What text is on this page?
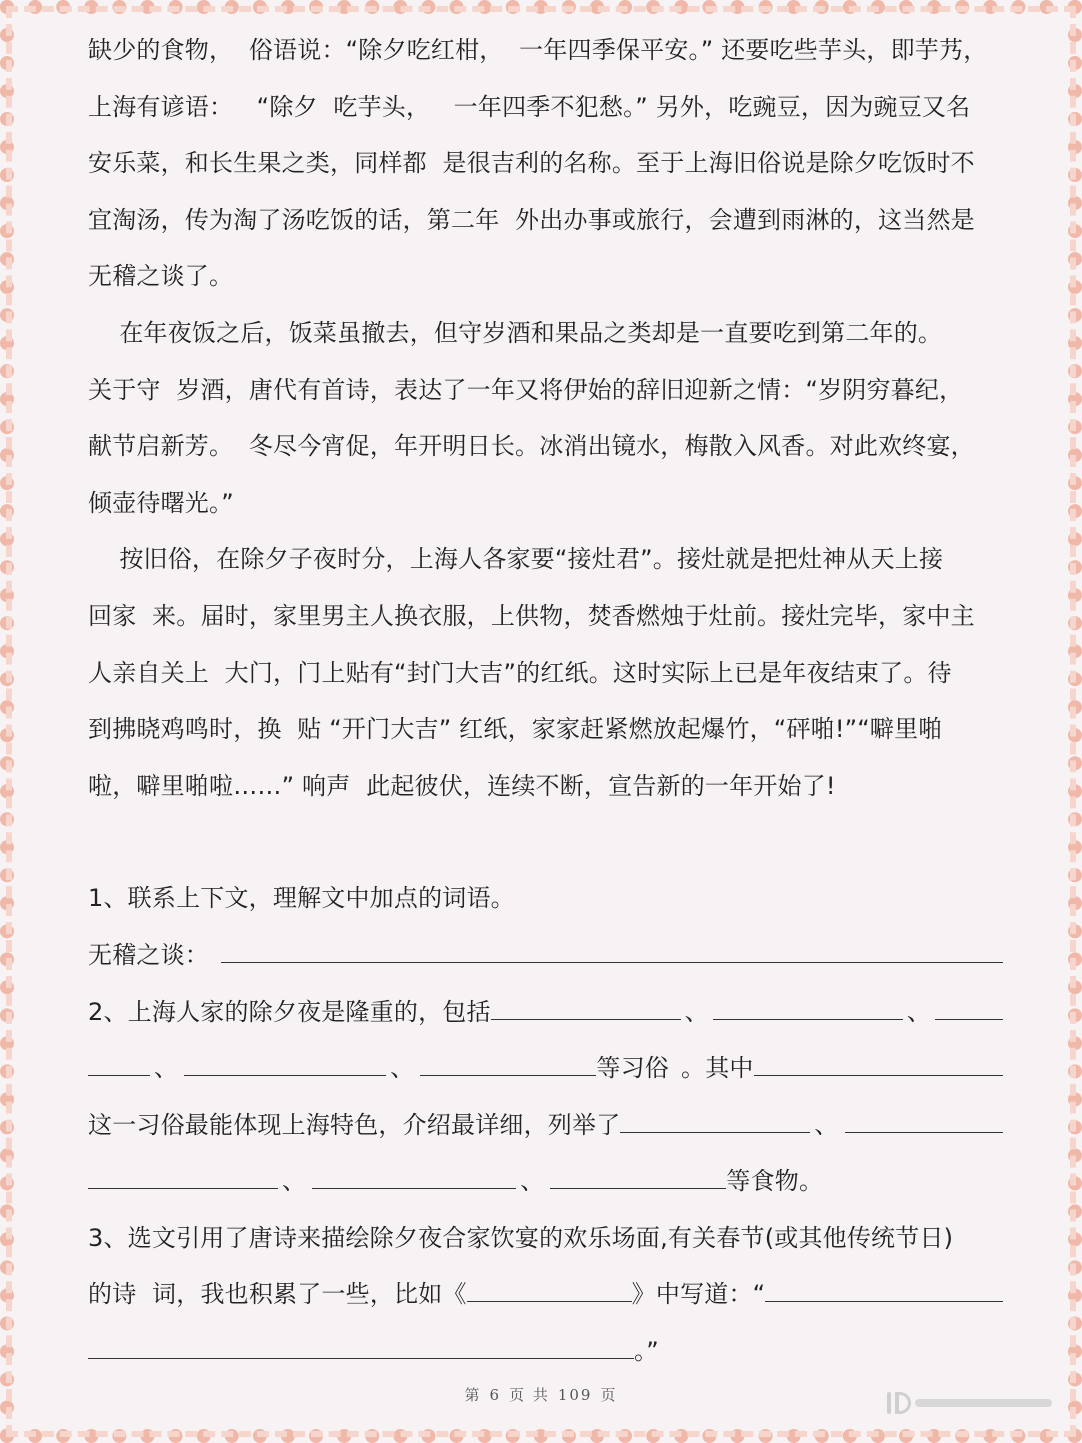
缺少的食物，  俗语说：“除夕吃红柑，  一年四季保平安。” 还要吃些芋头，即芋艿，
上海有谚语：   “除夕  吃芋头，   一年四季不犯愁。” 另外，吃豌豆，因为豌豆又名
安乐菜，和长生果之类，同样都  是很吉利的名称。至于上海旧俗说是除夕吃饭时不
宜淘汤，传为淘了汤吃饭的话，第二年  外出办事或旅行，会遭到雨淋的，这当然是
无稽之谈了。
在年夜饭之后，饭菜虽撤去，但守岁酒和果品之类却是一直要吃到第二年的。
关于守  岁酒，唐代有首诗，表达了一年又将伊始的辞旧迎新之情：“岁阴穷暮纪，
献节启新芳。  冬尽今宵促，年开明日长。冰消出镜水，梅散入风香。对此欢终宴，
倾壶待曙光。”
按旧俗，在除夕子夜时分，上海人各家要“接灶君”。接灶就是把灶神从天上接
回家  来。届时，家里男主人换衣服，上供物，焚香燃烛于灶前。接灶完毕，家中主
人亲自关上  大门，门上贴有“封门大吉”的红纸。这时实际上已是年夜结束了。待
到拂晓鸡鸣时，换  贴 “开门大吉” 红纸，家家赶紧燃放起爆竹，“砰啪!”“噼里啪
啦，噼里啪啦……” 响声  此起彼伏，连续不断，宣告新的一年开始了!
1、联系上下文，理解文中加点的词语。
无稽之谈：
2、上海人家的除夕夜是隆重的，包括	、	、
、	、	等习俗 。其中
这一习俗最能体现上海特色，介绍最详细，列举了	、
、	、	等食物。
3、选文引用了唐诗来描绘除夕夜合家饮宴的欢乐场面,有关春节(或其他传统节日)
的诗  词，我也积累了一些，比如《	》中写道：“
。”
第 6 页 共 109 页
